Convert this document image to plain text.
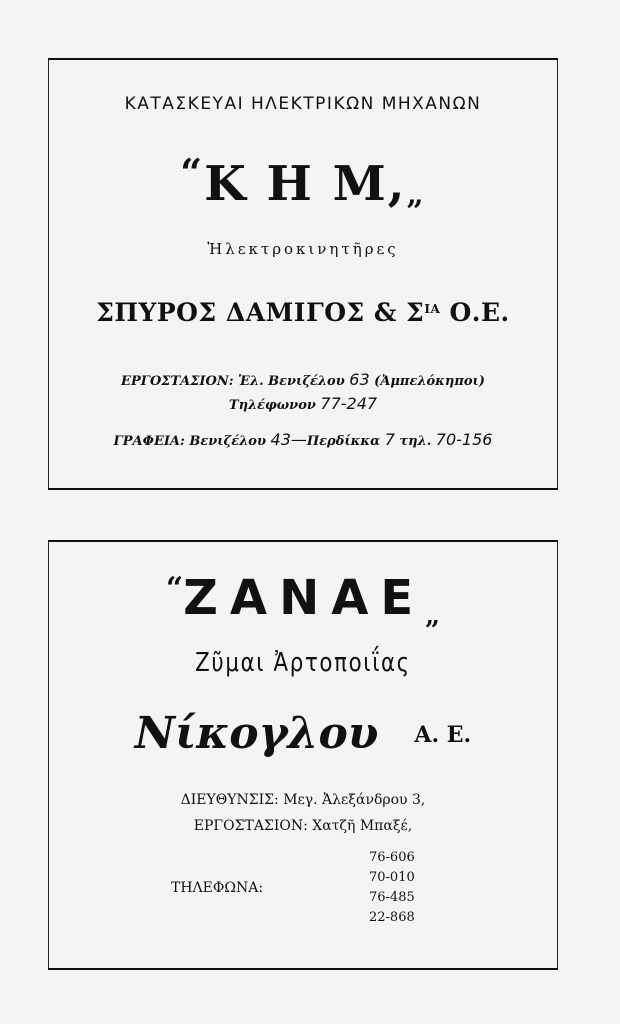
ΚΑΤΑΣΚΕΥΑΙ ΗΛΕΚΤΡΙΚΩΝ ΜΗΧΑΝΩΝ
“Κ Η Μ,„
Ἠλεκτροκινητῆρες
ΣΠΥΡΟΣ ΔΑΜΙΓΟΣ & $\Sigma^{IA}$ Ο.Ε.
ΕΡΓΟΣΤΑΣΙΟΝ: Ἐλ. Βενιζέλου 63 (Ἀμπελόκηποι)
Τηλέφωνον 77-247
ΓΡΑΦΕΙΑ: Βενιζέλου 43—Περδίκκα 7 τηλ. 70-156
$^“ZANAE_„$
Ζῦμαι Ἀρτοποιΐας
Νίκογλου Α. Ε.
ΔΙΕΥΘΥΝΣΙΣ: Μεγ. Ἀλεξάνδρου 3,
ΕΡΓΟΣΤΑΣΙΟΝ: Χατζῆ Μπαξέ,
ΤΗΛΕΦΩΝΑ:
76-606
70-010
76-485
22-868
